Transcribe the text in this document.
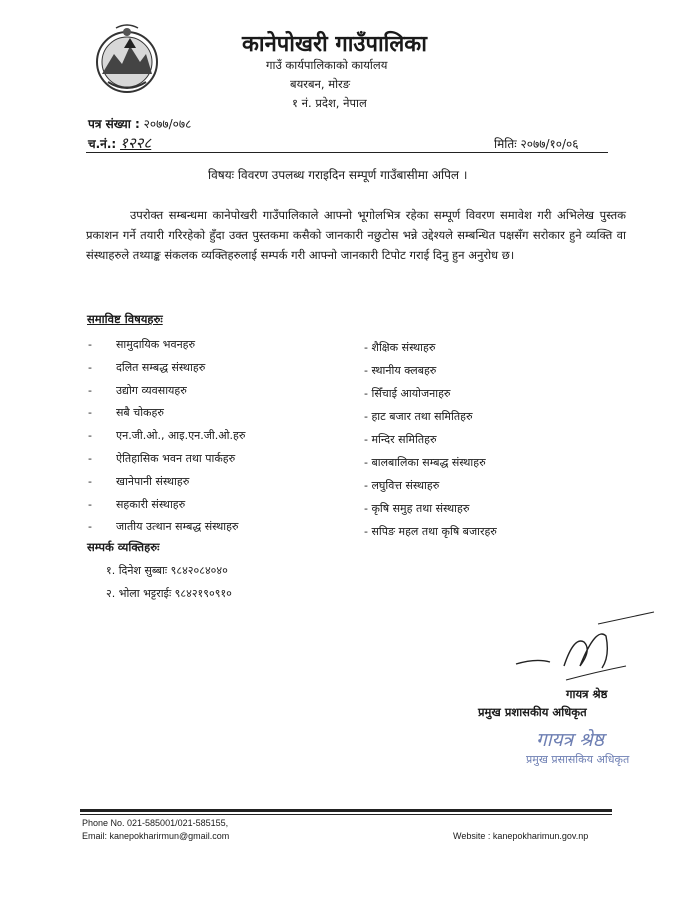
कानेपोखरी गाउँपालिका
गाउँ कार्यपालिकाको कार्यालय
बयरबन, मोरङ
१ नं. प्रदेश, नेपाल
पत्र संख्या : २०७७/०७८
च.नं.: १२२८	मितिः २०७७/१०/०६
विषयः विवरण उपलब्ध गराइदिन सम्पूर्ण गाउँबासीमा अपिल ।
उपरोक्त सम्बन्धमा कानेपोखरी गाउँपालिकाले आफ्नो भूगोलभित्र रहेका सम्पूर्ण विवरण समावेश गरी अभिलेख पुस्तक प्रकाशन गर्ने तयारी गरिरहेको हुँदा उक्त पुस्तकमा कसैको जानकारी नछुटोस भन्ने उद्देश्यले सम्बन्धित पक्षसँग सरोकार हुने व्यक्ति वा संस्थाहरुले तथ्याङ्क संकलक व्यक्तिहरुलाई सम्पर्क गरी आफ्नो जानकारी टिपोट गराई दिनु हुन अनुरोध छ।
समाविष्ट विषयहरुः
- सामुदायिक भवनहरु
- दलित सम्बद्ध संस्थाहरु
- उद्योग व्यवसायहरु
- सबै चोकहरु
- एन.जी.ओ., आइ.एन.जी.ओ.हरु
- ऐतिहासिक भवन तथा पार्कहरु
- खानेपानी संस्थाहरु
- सहकारी संस्थाहरु
- जातीय उत्थान सम्बद्ध संस्थाहरु
- शैक्षिक संस्थाहरु
- स्थानीय क्लबहरु
- सिँचाई आयोजनाहरु
- हाट बजार तथा समितिहरु
- मन्दिर समितिहरु
- बालबालिका सम्बद्ध संस्थाहरु
- लघुवित्त संस्थाहरु
- कृषि समुह तथा संस्थाहरु
- सपिङ महल तथा कृषि बजारहरु
सम्पर्क व्यक्तिहरुः
१. दिनेश सुब्बाः ९८४२०८४०४०
२. भोला भट्टराईः ९८४२१९०९१०
गायत्र श्रेष्ठ
प्रमुख प्रशासकीय अधिकृत
गायत्र श्रेष्ठ
प्रमुख प्रसासकिय अधिकृत
Phone No. 021-585001/021-585155,
Email: kanepokharirmun@gmail.com	Website : kanepokharimun.gov.np
